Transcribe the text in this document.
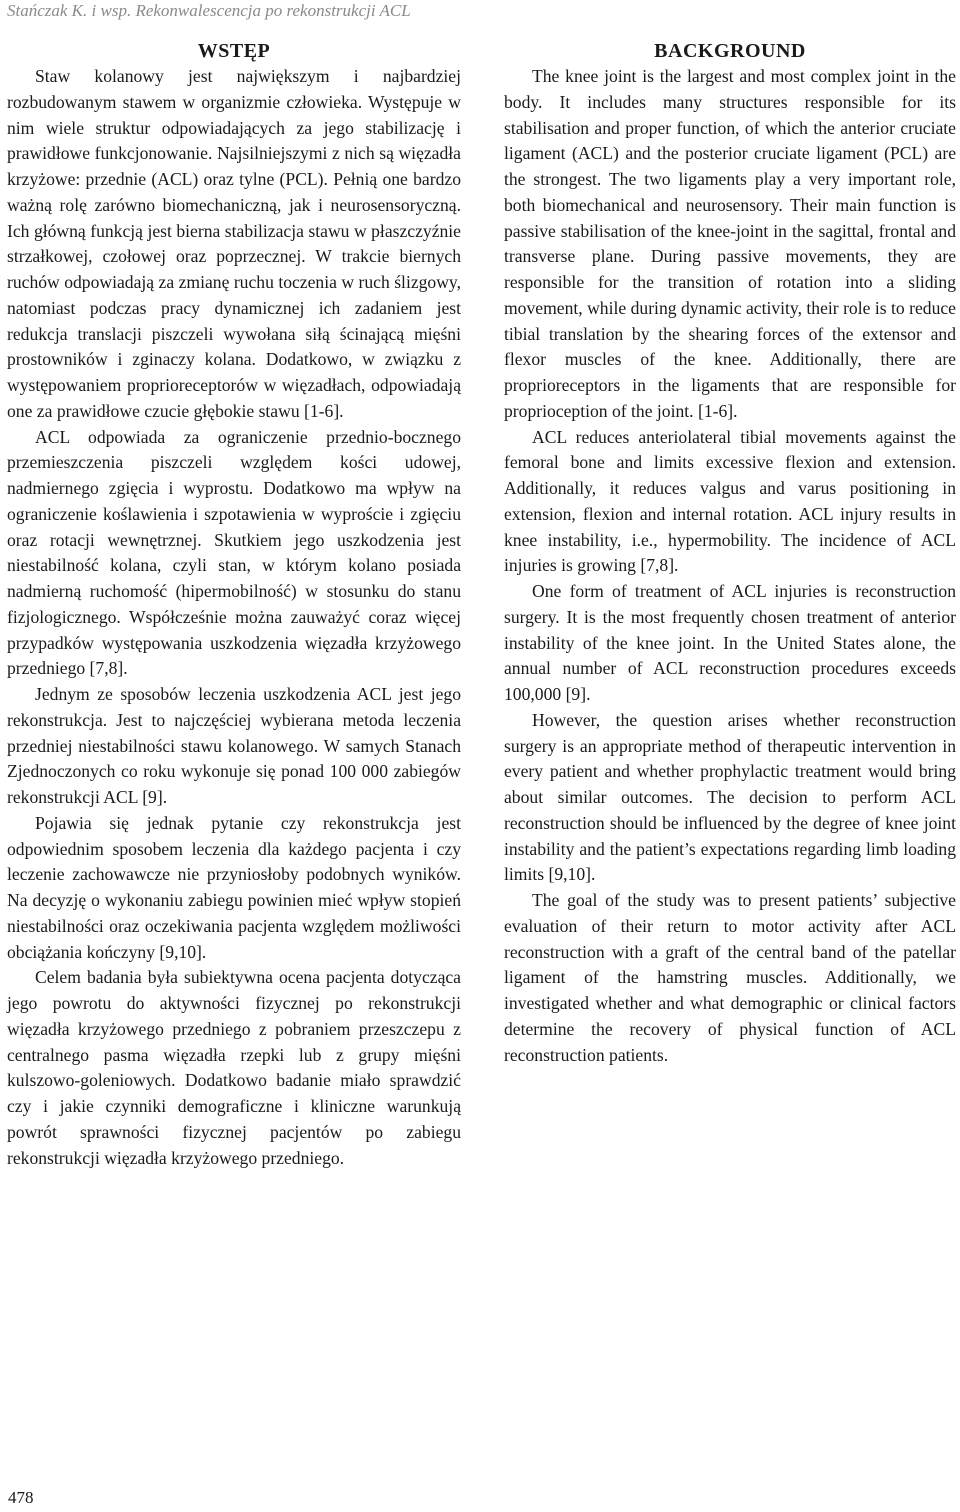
Stańczak K. i wsp. Rekonwalescencja po rekonstrukcji ACL
WSTĘP

Staw kolanowy jest największym i najbardziej rozbudowanym stawem w organizmie człowieka. Występuje w nim wiele struktur odpowiadających za jego stabilizację i prawidłowe funkcjonowanie. Najsilniejszymi z nich są więzadła krzyżowe: przednie (ACL) oraz tylne (PCL). Pełnią one bardzo ważną rolę zarówno biomechaniczną, jak i neurosensoryczną. Ich główną funkcją jest bierna stabilizacja stawu w płaszczyźnie strzałkowej, czołowej oraz poprzecznej. W trakcie biernych ruchów odpowiadają za zmianę ruchu toczenia w ruch ślizgowy, natomiast podczas pracy dynamicznej ich zadaniem jest redukcja translacji piszczeli wywołana siłą ścinającą mięśni prostowników i zginaczy kolana. Dodatkowo, w związku z występowaniem proprioreceptorów w więzadłach, odpowiadają one za prawidłowe czucie głębokie stawu [1-6].

ACL odpowiada za ograniczenie przednio-bocznego przemieszczenia piszczeli względem kości udowej, nadmiernego zgięcia i wyprostu. Dodatkowo ma wpływ na ograniczenie koślawienia i szpotawienia w wyproście i zgięciu oraz rotacji wewnętrznej. Skutkiem jego uszkodzenia jest niestabilność kolana, czyli stan, w którym kolano posiada nadmierną ruchomość (hipermobilność) w stosunku do stanu fizjologicznego. Współcześnie można zauważyć coraz więcej przypadków występowania uszkodzenia więzadła krzyżowego przedniego [7,8].

Jednym ze sposobów leczenia uszkodzenia ACL jest jego rekonstrukcja. Jest to najczęściej wybierana metoda leczenia przedniej niestabilności stawu kolanowego. W samych Stanach Zjednoczonych co roku wykonuje się ponad 100 000 zabiegów rekonstrukcji ACL [9].

Pojawia się jednak pytanie czy rekonstrukcja jest odpowiednim sposobem leczenia dla każdego pacjenta i czy leczenie zachowawcze nie przyniosłoby podobnych wyników. Na decyzję o wykonaniu zabiegu powinien mieć wpływ stopień niestabilności oraz oczekiwania pacjenta względem możliwości obciążania kończyny [9,10].

Celem badania była subiektywna ocena pacjenta dotycząca jego powrotu do aktywności fizycznej po rekonstrukcji więzadła krzyżowego przedniego z pobraniem przeszczepu z centralnego pasma więzadła rzepki lub z grupy mięśni kulszowo-goleniowych. Dodatkowo badanie miało sprawdzić czy i jakie czynniki demograficzne i kliniczne warunkują powrót sprawności fizycznej pacjentów po zabiegu rekonstrukcji więzadła krzyżowego przedniego.

BACKGROUND

The knee joint is the largest and most complex joint in the body. It includes many structures responsible for its stabilisation and proper function, of which the anterior cruciate ligament (ACL) and the posterior cruciate ligament (PCL) are the strongest. The two ligaments play a very important role, both biomechanical and neurosensory. Their main function is passive stabilisation of the knee-joint in the sagittal, frontal and transverse plane. During passive movements, they are responsible for the transition of rotation into a sliding movement, while during dynamic activity, their role is to reduce tibial translation by the shearing forces of the extensor and flexor muscles of the knee. Additionally, there are proprioreceptors in the ligaments that are responsible for proprioception of the joint. [1-6].

ACL reduces anteriolateral tibial movements against the femoral bone and limits excessive flexion and extension. Additionally, it reduces valgus and varus positioning in extension, flexion and internal rotation. ACL injury results in knee instability, i.e., hypermobility. The incidence of ACL injuries is growing [7,8].

One form of treatment of ACL injuries is reconstruction surgery. It is the most frequently chosen treatment of anterior instability of the knee joint. In the United States alone, the annual number of ACL reconstruction procedures exceeds 100,000 [9].

However, the question arises whether reconstruction surgery is an appropriate method of therapeutic intervention in every patient and whether prophylactic treatment would bring about similar outcomes. The decision to perform ACL reconstruction should be influenced by the degree of knee joint instability and the patient’s expectations regarding limb loading limits [9,10].

The goal of the study was to present patients’ subjective evaluation of their return to motor activity after ACL reconstruction with a graft of the central band of the patellar ligament of the hamstring muscles. Additionally, we investigated whether and what demographic or clinical factors determine the recovery of physical function of ACL reconstruction patients.

478
